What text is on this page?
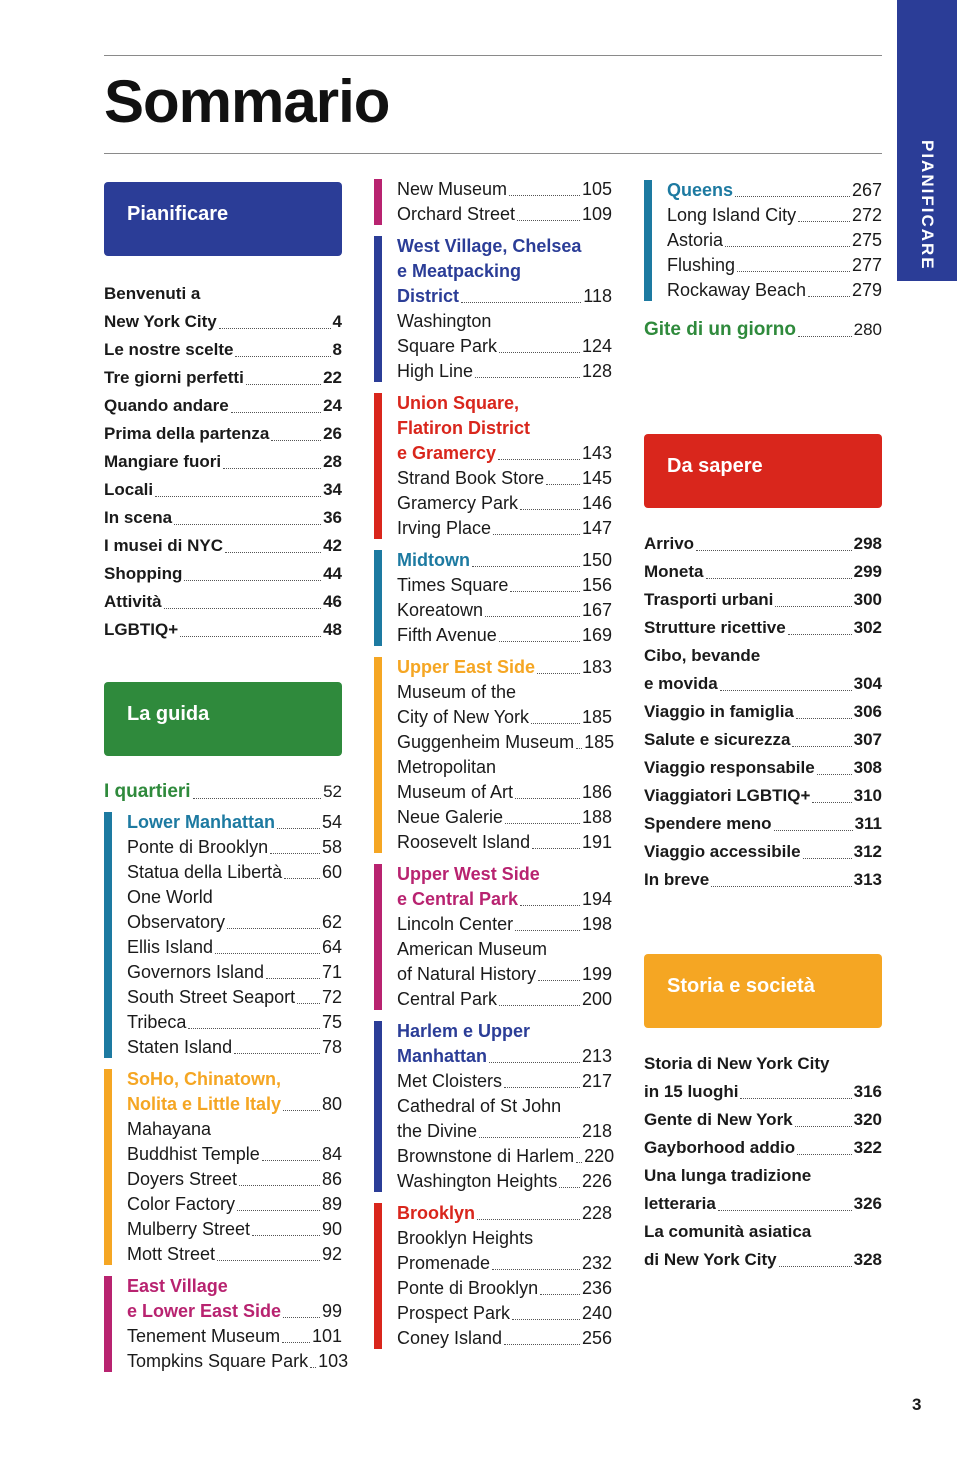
Sommario
PIANIFICARE
Pianificare
Benvenuti a
New York City	4
Le nostre scelte	8
Tre giorni perfetti	22
Quando andare	24
Prima della partenza	26
Mangiare fuori	28
Locali	34
In scena	36
I musei di NYC	42
Shopping	44
Attività	46
LGBTIQ+	48
La guida
I quartieri	52
Lower Manhattan	54
Ponte di Brooklyn	58
Statua della Libertà 60
One World
Observatory	62
Ellis Island	64
Governors Island	71
South Street Seaport 72
Tribeca	75
Staten Island	78
SoHo, Chinatown,
Nolita e Little Italy 80
Mahayana
Buddhist Temple	84
Doyers Street	86
Color Factory	89
Mulberry Street	90
Mott Street	92
East Village
e Lower East Side 99
Tenement Museum 101
Tompkins Square Park 103
New Museum	105
Orchard Street	109
West Village, Chelsea
e Meatpacking
District	118
Washington
Square Park	124
High Line	128
Union Square,
Flatiron District
e Gramercy	143
Strand Book Store 145
Gramercy Park	146
Irving Place	147
Midtown	150
Times Square	156
Koreatown	167
Fifth Avenue	169
Upper East Side	183
Museum of the
City of New York	185
Guggenheim Museum 185
Metropolitan
Museum of Art	186
Neue Galerie	188
Roosevelt Island	191
Upper West Side
e Central Park	194
Lincoln Center	198
American Museum
of Natural History	199
Central Park	200
Harlem e Upper
Manhattan	213
Met Cloisters	217
Cathedral of St John
the Divine	218
Brownstone di Harlem 220
Washington Heights 226
Brooklyn	228
Brooklyn Heights
Promenade	232
Ponte di Brooklyn 236
Prospect Park	240
Coney Island	256
Queens	267
Long Island City	272
Astoria	275
Flushing	277
Rockaway Beach	279
Gite di un giorno	280
Da sapere
Arrivo	298
Moneta	299
Trasporti urbani	300
Strutture ricettive	302
Cibo, bevande
e movida	304
Viaggio in famiglia	306
Salute e sicurezza	307
Viaggio responsabile 308
Viaggiatori LGBTIQ+	310
Spendere meno	311
Viaggio accessibile	312
In breve	313
Storia e società
Storia di New York City
in 15 luoghi	316
Gente di New York	320
Gayborhood addio	322
Una lunga tradizione
letteraria	326
La comunità asiatica
di New York City	328
3
